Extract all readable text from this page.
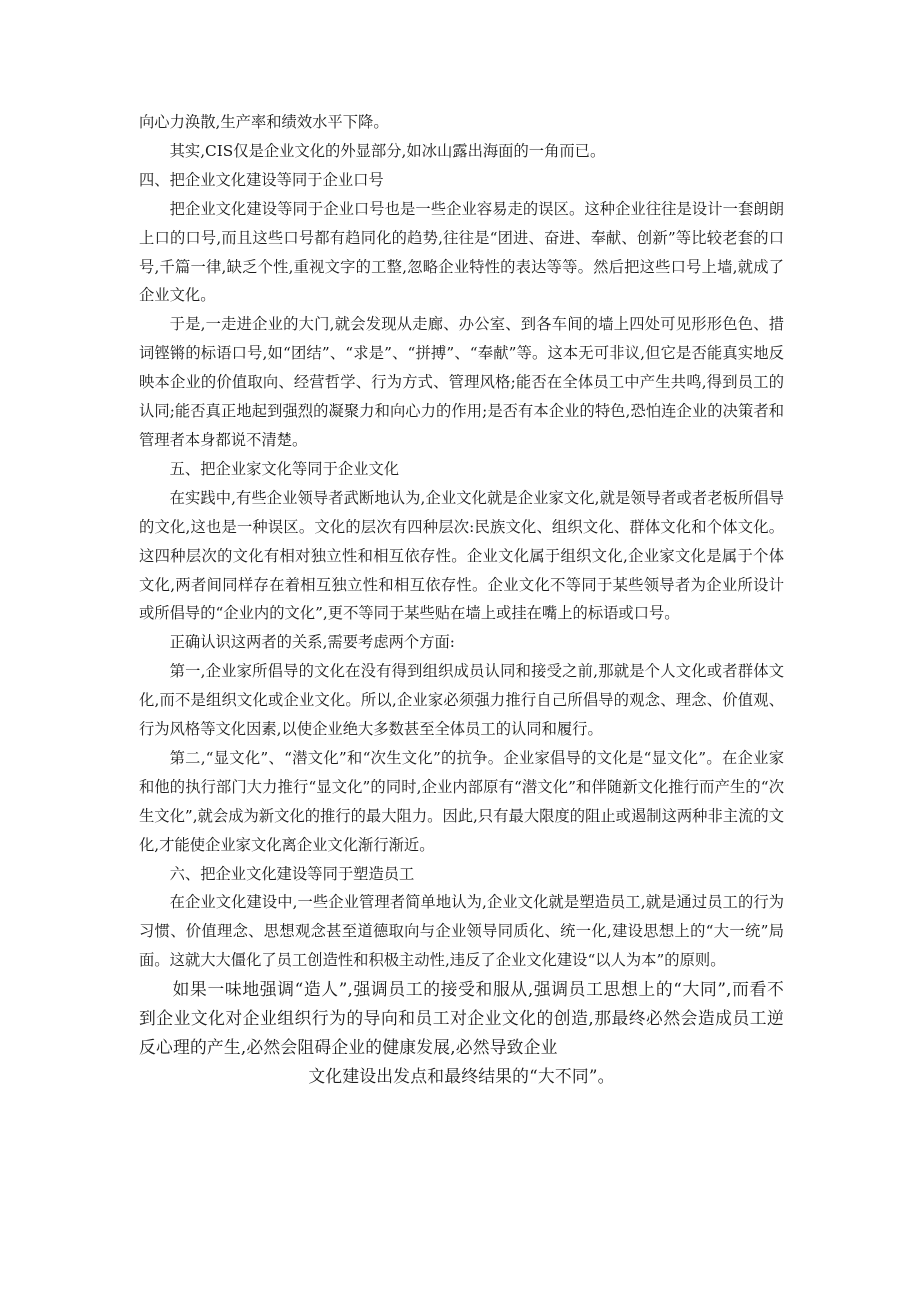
向心力涣散,生产率和绩效水平下降。

其实,CIS仅是企业文化的外显部分,如冰山露出海面的一角而已。

四、把企业文化建设等同于企业口号

把企业文化建设等同于企业口号也是一些企业容易走的误区。这种企业往往是设计一套朗朗上口的口号,而且这些口号都有趋同化的趋势,往往是“团进、奋进、奉献、创新”等比较老套的口号,千篇一律,缺乏个性,重视文字的工整,忽略企业特性的表达等等。然后把这些口号上墙,就成了企业文化。

于是,一走进企业的大门,就会发现从走廊、办公室、到各车间的墙上四处可见形形色色、措词铿锵的标语口号,如“团结”、“求是”、“拼搏”、“奉献”等。这本无可非议,但它是否能真实地反映本企业的价值取向、经营哲学、行为方式、管理风格;能否在全体员工中产生共鸣,得到员工的认同;能否真正地起到强烈的凝聚力和向心力的作用;是否有本企业的特色,恐怕连企业的决策者和管理者本身都说不清楚。

五、把企业家文化等同于企业文化

在实践中,有些企业领导者武断地认为,企业文化就是企业家文化,就是领导者或者老板所倡导的文化,这也是一种误区。文化的层次有四种层次:民族文化、组织文化、群体文化和个体文化。这四种层次的文化有相对独立性和相互依存性。企业文化属于组织文化,企业家文化是属于个体文化,两者间同样存在着相互独立性和相互依存性。企业文化不等同于某些领导者为企业所设计或所倡导的“企业内的文化”,更不等同于某些贴在墙上或挂在嘴上的标语或口号。

正确认识这两者的关系,需要考虑两个方面:

第一,企业家所倡导的文化在没有得到组织成员认同和接受之前,那就是个人文化或者群体文化,而不是组织文化或企业文化。所以,企业家必须强力推行自己所倡导的观念、理念、价值观、行为风格等文化因素,以使企业绝大多数甚至全体员工的认同和履行。

第二,“显文化”、“潜文化”和“次生文化”的抗争。企业家倡导的文化是“显文化”。在企业家和他的执行部门大力推行“显文化”的同时,企业内部原有“潜文化”和伴随新文化推行而产生的“次生文化”,就会成为新文化的推行的最大阻力。因此,只有最大限度的阻止或遏制这两种非主流的文化,才能使企业家文化离企业文化渐行渐近。

六、把企业文化建设等同于塑造员工

在企业文化建设中,一些企业管理者简单地认为,企业文化就是塑造员工,就是通过员工的行为习惯、价值理念、思想观念甚至道德取向与企业领导同质化、统一化,建设思想上的“大一统”局面。这就大大僵化了员工创造性和积极主动性,违反了企业文化建设“以人为本”的原则。

如果一味地强调“造人”,强调员工的接受和服从,强调员工思想上的“大同”,而看不到企业文化对企业组织行为的导向和员工对企业文化的创造,那最终必然会造成员工逆反心理的产生,必然会阻碍企业的健康发展,必然导致企业

文化建设出发点和最终结果的“大不同”。
